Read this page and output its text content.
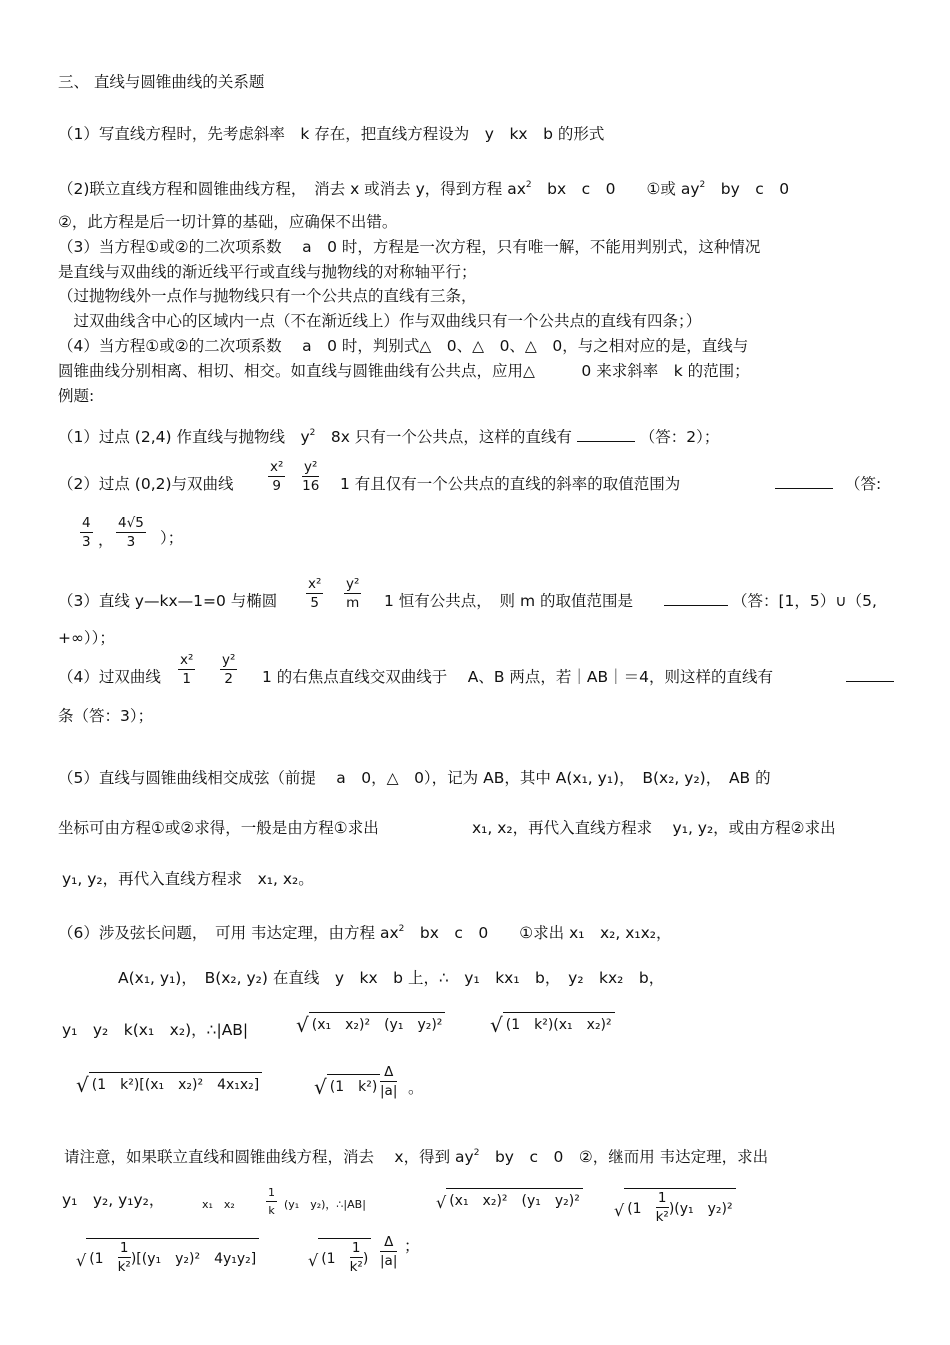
三、 直线与圆锥曲线的关系题
（1）写直线方程时，先考虑斜率　k 存在，把直线方程设为　y　kx　b 的形式
（2)联立直线方程和圆锥曲线方程，　消去 x 或消去 y，得到方程 $ax^2$　bx　c　0　　①或 $ay^2$　by　c　0
②，此方程是后一切计算的基础，应确保不出错。
（3）当方程①或②的二次项系数　 a　0 时，方程是一次方程，只有唯一解，不能用判别式，这种情况
是直线与双曲线的渐近线平行或直线与抛物线的对称轴平行；
（过抛物线外一点作与抛物线只有一个公共点的直线有三条，
　过双曲线含中心的区域内一点（不在渐近线上）作与双曲线只有一个公共点的直线有四条；）
（4）当方程①或②的二次项系数　 a　0 时，判别式△　0、△　0、△　0，与之相对应的是，直线与
圆锥曲线分别相离、相切、相交。如直线与圆锥曲线有公共点，应用△　　　0 来求斜率　k 的范围；
例题:
（1）过点 (2,4) 作直线与抛物线　$y^2$　8x 只有一个公共点，这样的直线有	（答：2）；
（2）过点 (0,2)与双曲线	$\frac{\text{x²}}{9} \frac{\text{y²}}{16} 1$ 有且仅有一个公共点的直线的斜率的取值范围为	（答:
$\frac{4}{3}$ ， $\frac{4√5}{3}$ ）；
（3）直线 y—kx—1=0 与椭圆 $\frac{\text{x²}}{5} \frac{\text{y²}}{m} 1$ 恒有公共点，　则 m 的取值范围是	（答：[1，5）∪（5,
+∞））；
（4）过双曲线 $\frac{\text{x²}}{1} \frac{\text{y²}}{2} 1$ 的右焦点直线交双曲线于　 A、B 两点，若｜AB｜＝4，则这样的直线有
条（答：3）；
（5）直线与圆锥曲线相交成弦（前提　 a　0，△　0），记为 AB，其中 A(x₁, y₁)，　B(x₂, y₂)，　AB 的
坐标可由方程①或②求得，一般是由方程①求出	x₁, x₂，再代入直线方程求　 y₁, y₂，或由方程②求出
y₁, y₂，再代入直线方程求　x₁, x₂。
（6）涉及弦长问题，　可用 韦达定理，由方程 $ax^2$　bx　c　0　　①求出 x₁　x₂, x₁x₂，
A(x₁, y₁)，　B(x₂, y₂) 在直线　y　kx　b 上，∴　y₁　kx₁　b，　y₂　kx₂　b，
y₁　y₂　k(x₁　x₂)，∴|AB| √ (x₁　x₂)²　(y₁　y₂)² √ (1　k²)(x₁　x₂)²
√ (1　k²)[(x₁　x₂)²　4x₁x₂]	√ (1　$k^2) \frac{\Delta}{|a|}$ 。
请注意，如果联立直线和圆锥曲线方程，消去　 x，得到 $ay^2$　by　c　0　②，继而用 韦达定理，求出
y₁　y₂, y₁y₂，	x₁　x₂	$\frac{1}{k} (y_1$　y₂)，∴|AB|	√ (x₁　x₂)²　(y₁　y₂)² √ (1　 $\frac{1}{\text{k²}} )(y_1$　y₂)²
√ (1　 $\frac{1}{\text{k²}} )[(y_1$　y₂)²　4y₁y₂]	√ (1　 $\frac{1}{\text{k²}}$ ) $\frac{\Delta}{|a|}$ ；
